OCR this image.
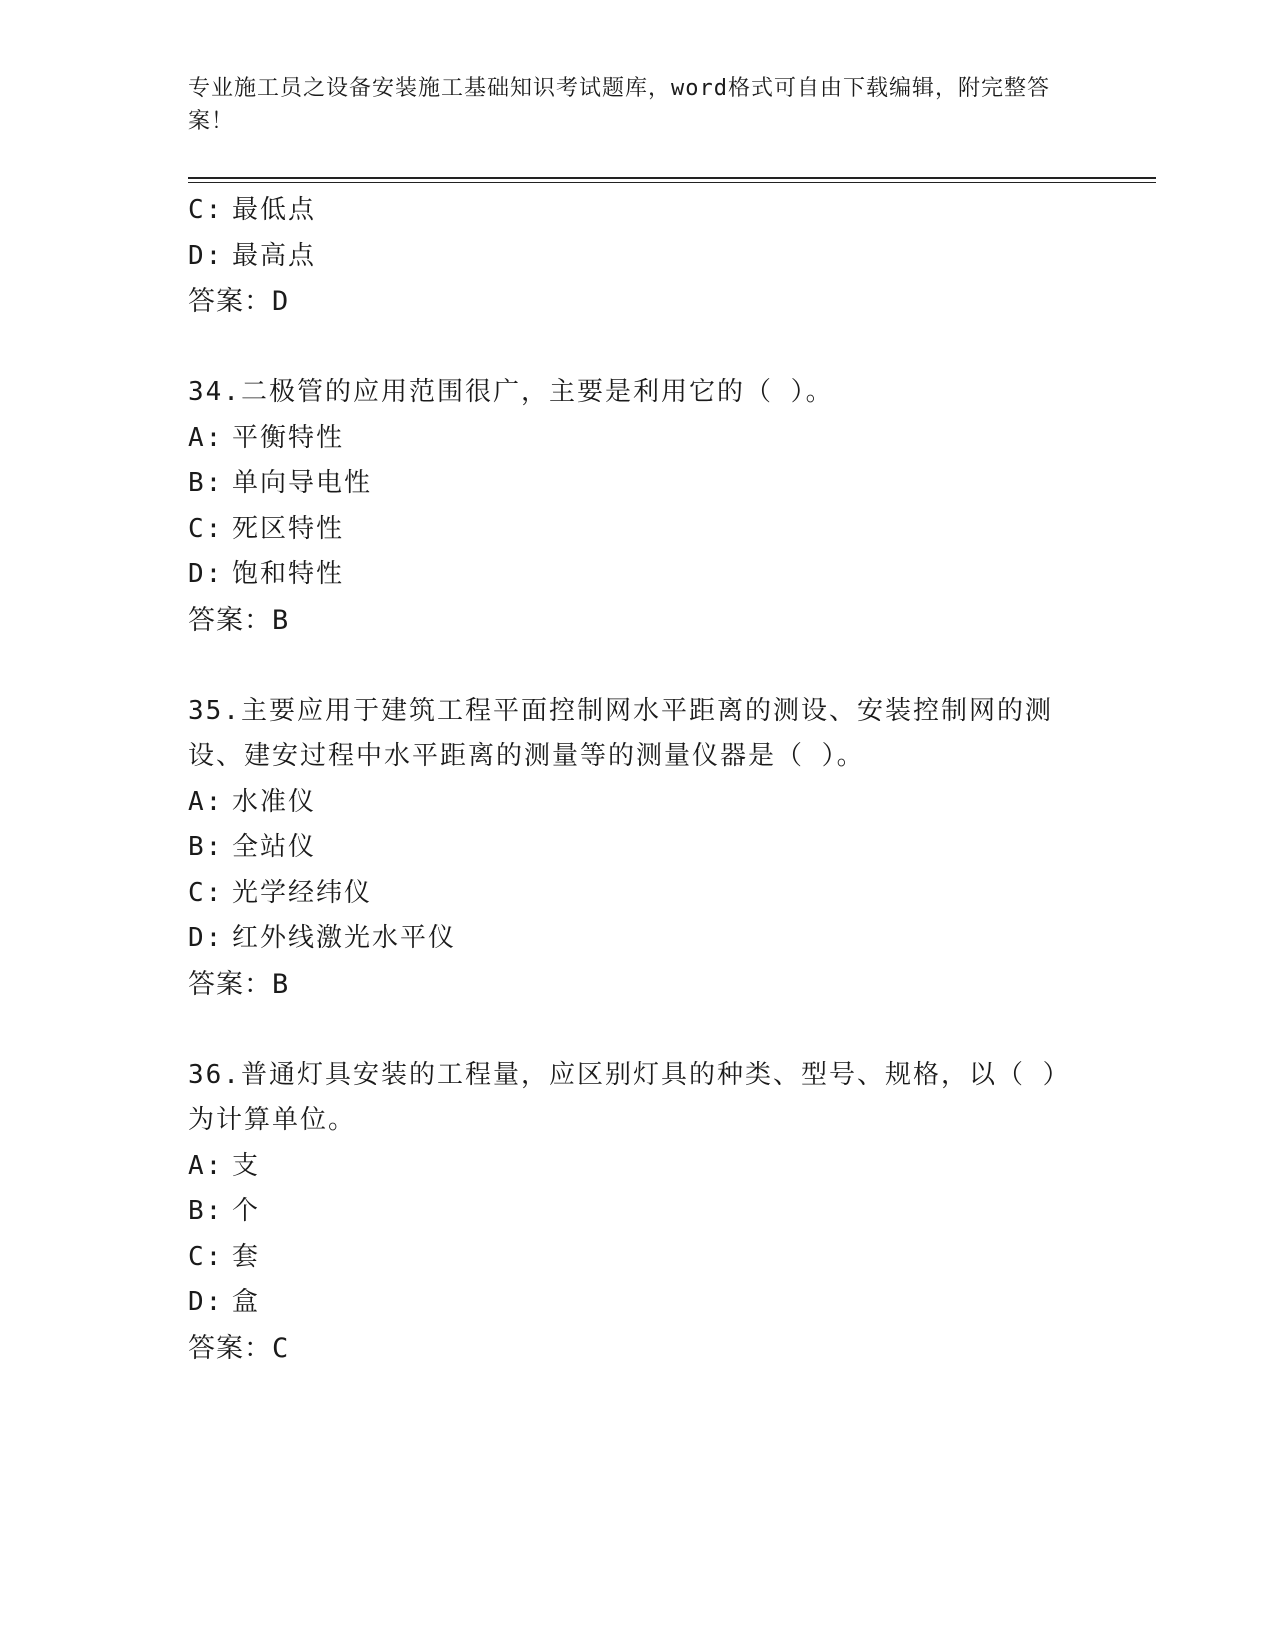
专业施工员之设备安装施工基础知识考试题库，word格式可自由下载编辑，附完整答案！
C: 最低点
D: 最高点
答案：D
34.二极管的应用范围很广，主要是利用它的（ ）。
A: 平衡特性
B: 单向导电性
C: 死区特性
D: 饱和特性
答案：B
35.主要应用于建筑工程平面控制网水平距离的测设、安装控制网的测设、建安过程中水平距离的测量等的测量仪器是（ ）。
A: 水准仪
B: 全站仪
C: 光学经纬仪
D: 红外线激光水平仪
答案：B
36.普通灯具安装的工程量，应区别灯具的种类、型号、规格，以（ ）为计算单位。
A: 支
B: 个
C: 套
D: 盒
答案：C
